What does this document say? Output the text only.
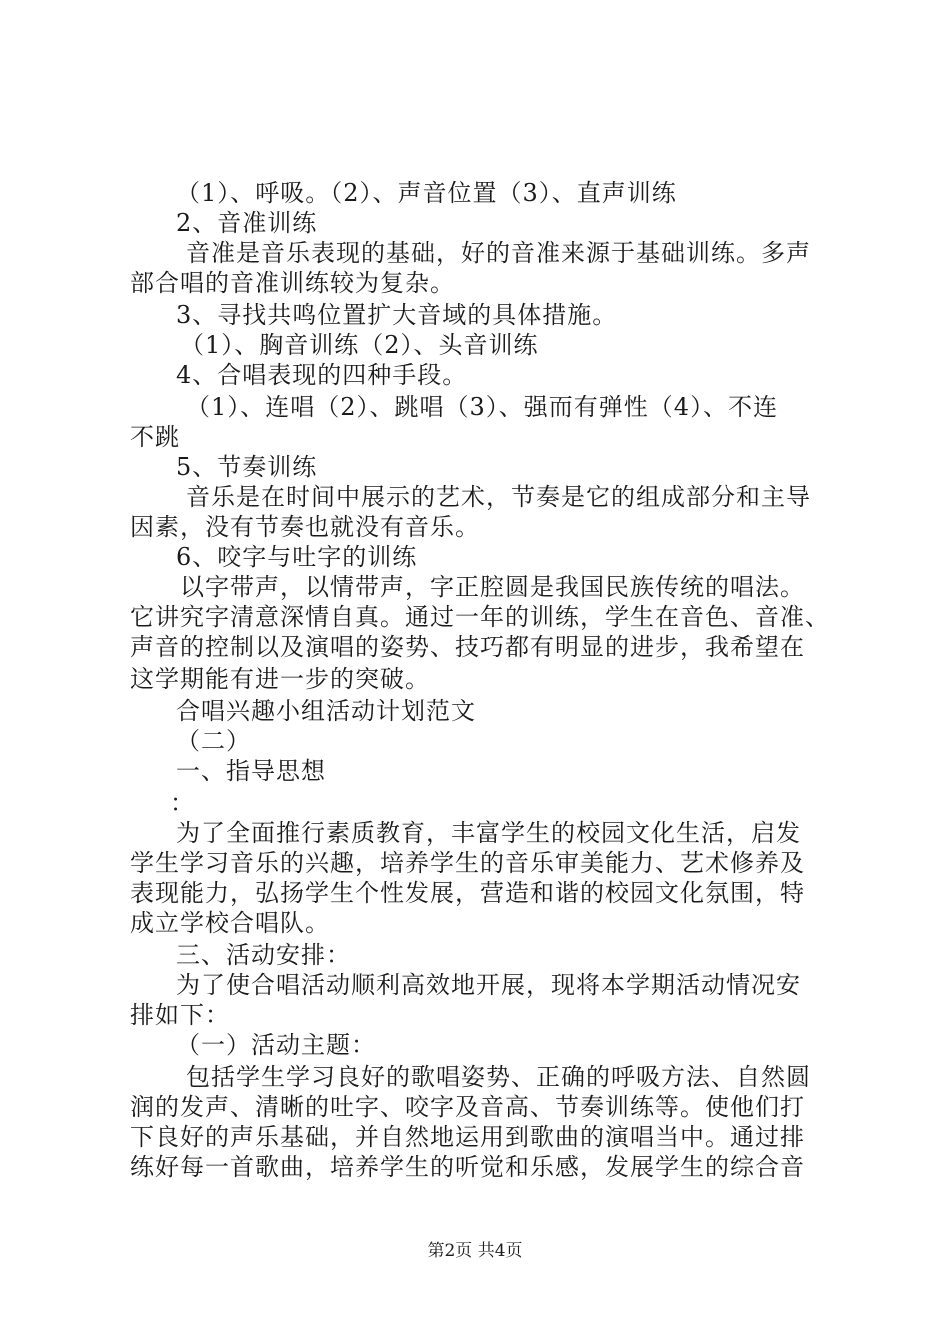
（1）、呼吸。（2）、声音位置（3）、直声训练
2、音准训练
音准是音乐表现的基础，好的音准来源于基础训练。多声
部合唱的音准训练较为复杂。
3、寻找共鸣位置扩大音域的具体措施。
（1）、胸音训练（2）、头音训练
4、合唱表现的四种手段。
（1）、连唱（2）、跳唱（3）、强而有弹性（4）、不连
不跳
5、节奏训练
音乐是在时间中展示的艺术，节奏是它的组成部分和主导
因素，没有节奏也就没有音乐。
6、咬字与吐字的训练
以字带声，以情带声，字正腔圆是我国民族传统的唱法。
它讲究字清意深情自真。通过一年的训练，学生在音色、音准、
声音的控制以及演唱的姿势、技巧都有明显的进步，我希望在
这学期能有进一步的突破。
合唱兴趣小组活动计划范文
（二）
一、指导思想
：
为了全面推行素质教育，丰富学生的校园文化生活，启发
学生学习音乐的兴趣，培养学生的音乐审美能力、艺术修养及
表现能力，弘扬学生个性发展，营造和谐的校园文化氛围，特
成立学校合唱队。
三、活动安排：
为了使合唱活动顺利高效地开展，现将本学期活动情况安
排如下：
（一）活动主题：
包括学生学习良好的歌唱姿势、正确的呼吸方法、自然圆
润的发声、清晰的吐字、咬字及音高、节奏训练等。使他们打
下良好的声乐基础，并自然地运用到歌曲的演唱当中。通过排
练好每一首歌曲，培养学生的听觉和乐感，发展学生的综合音
第2页 共4页
